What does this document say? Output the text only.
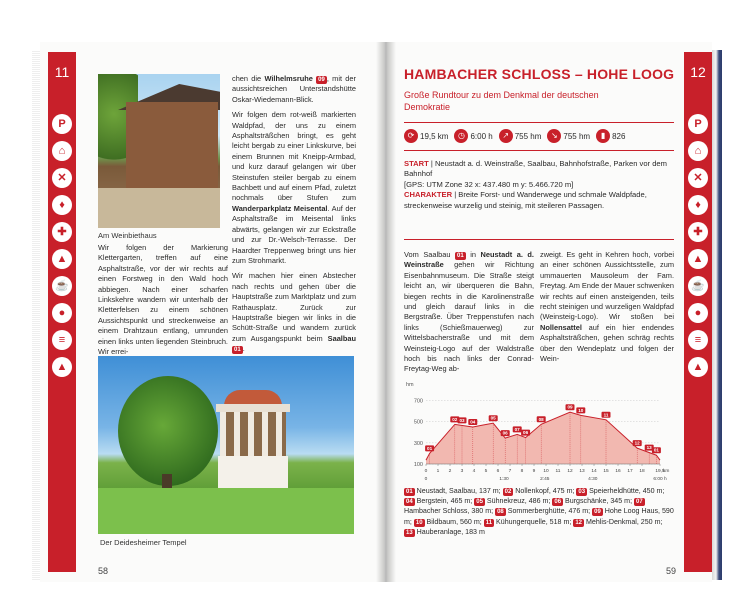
11
P
⌂
✕
♦
✚
▲
☕
●
≡
▲
Am Weinbiethaus
Wir folgen der Markierung Klettergarten, treffen auf eine Asphaltstraße, vor der wir rechts auf einen Forstweg in den Wald hoch abbiegen. Nach einer scharfen Linkskehre wandern wir unterhalb der Kletterfelsen zu einem schönen Aussichtspunkt und streckenweise an einem Drahtzaun entlang, umrunden einen links unten liegenden Steinbruch. Wir errei-
chen die Wilhelmsruhe 09 , mit der aussichtsreichen Unterstandshütte Oskar-Wiedemann-Blick.
Wir folgen dem rot-weiß markierten Waldpfad, der uns zu einem Asphaltsträßchen bringt, es geht leicht bergab zu einer Linkskurve, bei einem Brunnen mit Kneipp-Armbad, und kurz darauf gelangen wir über Steinstufen steiler bergab zu einem Bachbett und auf einem Pfad, zuletzt nochmals über Stufen zum Wanderparkplatz Meisental. Auf der Asphaltstraße im Meisental links abwärts, gelangen wir zur Eckstraße und zur Dr.-Welsch-Terrasse. Der Haardter Treppenweg bringt uns hier zum Strohmarkt.
Wir machen hier einen Abstecher nach rechts und gehen über die Hauptstraße zum Marktplatz und zum Rathausplatz. Zurück zur Hauptstraße biegen wir links in die Schütt-Straße und wandern zurück zum Ausgangspunkt beim Saalbau 01 .
Der Deidesheimer Tempel
58
12
P
⌂
✕
♦
✚
▲
☕
●
≡
▲
HAMBACHER SCHLOSS – HOHE LOOG
Große Rundtour zu dem Denkmal der deutschen Demokratie
⟳ 19,5 km	◷ 6:00 h	↗ 755 hm	↘ 755 hm	▮ 826
START | Neustadt a. d. Weinstraße, Saalbau, Bahnhofstraße, Parken vor dem Bahnhof
[GPS: UTM Zone 32 x: 437.480 m y: 5.466.720 m]
CHARAKTER | Breite Forst- und Wanderwege und schmale Waldpfade, streckenweise wurzelig und steinig, mit steileren Passagen.
Vom Saalbau 01 in Neustadt a. d. Weinstraße gehen wir Richtung Eisenbahnmuseum. Die Straße steigt leicht an, wir überqueren die Bahn, biegen rechts in die Karolinenstraße und gleich darauf links in die Bergstraße. Über Treppenstufen nach links (Schießmauerweg) zur Wittelsbacherstraße und mit dem Weinsteig-Logo auf der Waldstraße hoch bis nach links der Conrad-Freytag-Weg ab-
zweigt. Es geht in Kehren hoch, vorbei an einer schönen Aussichtsstelle, zum ummauerten Mausoleum der Fam. Freytag. Am Ende der Mauer schwenken wir rechts auf einen ansteigenden, teils recht steinigen und wurzeligen Waldpfad (Weinsteig-Logo). Wir stoßen bei Nollensattel auf ein hier endendes Asphaltsträßchen, gehen schräg rechts über den Wendeplatz und folgen der Wein-
hm
100
300
500
700
0 1 2 3 4 5 6 7 8 9 10 11 12 13 14 15 16 17 18 19,5
km
0	1:30	2:45	4:30	6:00 h
01
02 03 04
05
06
07
06
08
09
10
11
12
13
01
01 Neustadt, Saalbau, 137 m; 02 Nollenkopf, 475 m; 03 Speierheldhütte, 450 m; 04 Bergstein, 465 m; 05 Sühnekreuz, 486 m; 06 Burgschänke, 345 m; 07 Hambacher Schloss, 380 m; 08 Sommerberghütte, 476 m; 09 Hohe Loog Haus, 590 m; 10 Bildbaum, 560 m; 11 Kühungerquelle, 518 m; 12 Mehlis-Denkmal, 250 m; 13 Hauberanlage, 183 m
59
